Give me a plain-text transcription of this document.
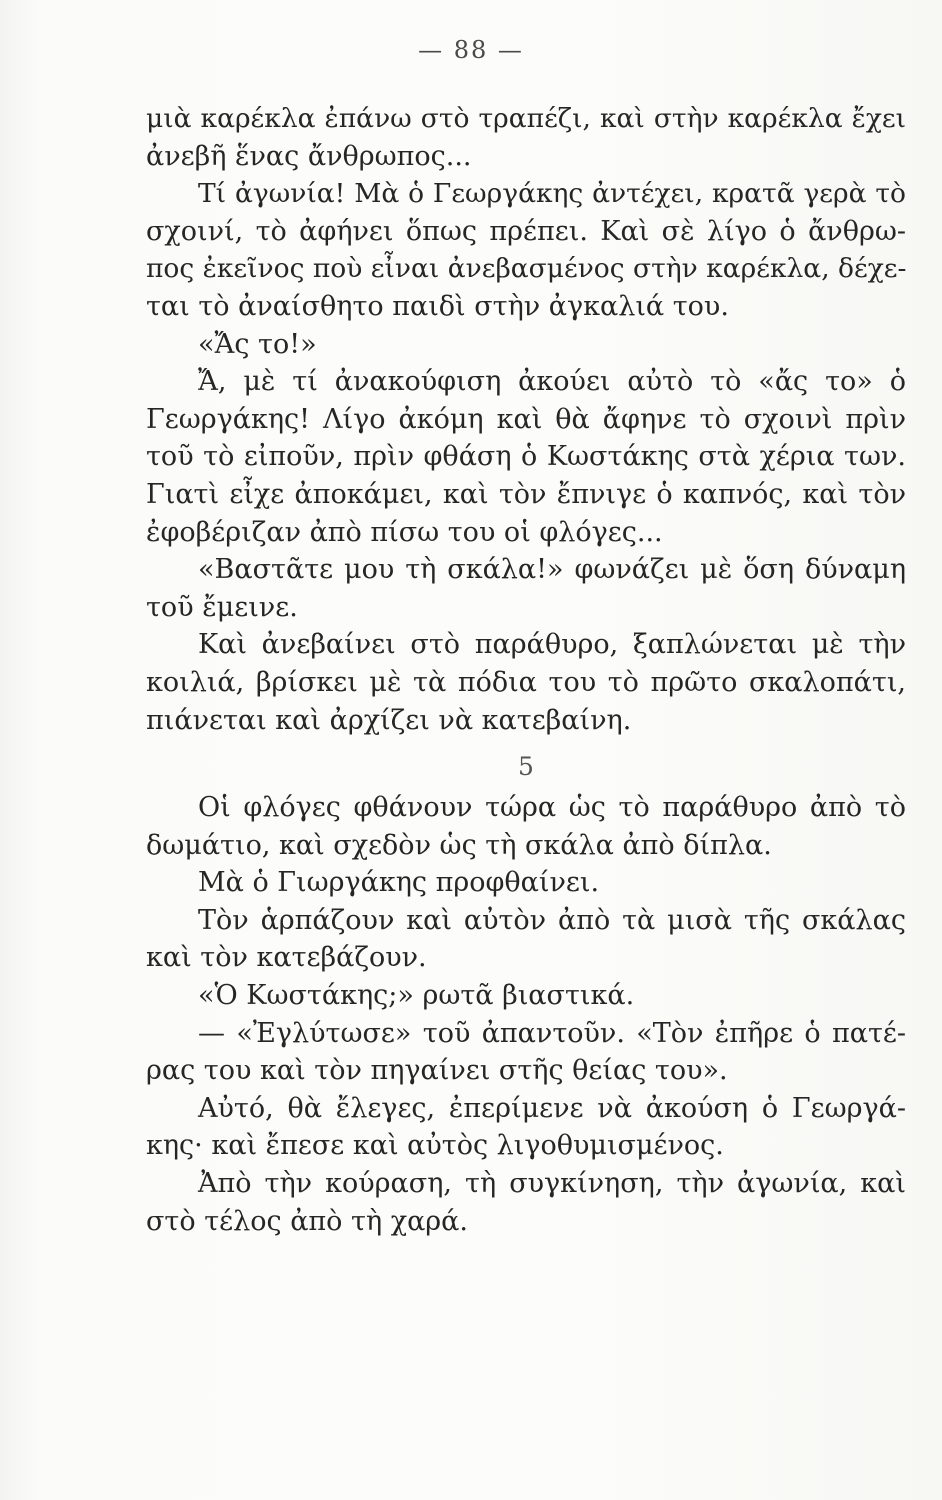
— 88 —
μιὰ καρέκλα ἐπάνω στὸ τραπέζι, καὶ στὴν καρέκλα ἔχει
ἀνεβῆ ἕνας ἄνθρωπος...
Τί ἀγωνία! Μὰ ὁ Γεωργάκης ἀντέχει, κρατᾶ γερὰ τὸ
σχοινί, τὸ ἀφήνει ὅπως πρέπει. Καὶ σὲ λίγο ὁ ἄνθρω-
πος ἐκεῖνος ποὺ εἶναι ἀνεβασμένος στὴν καρέκλα, δέχε-
ται τὸ ἀναίσθητο παιδὶ στὴν ἀγκαλιά του.
«Ἄς το!»
Ἄ, μὲ τί ἀνακούφιση ἀκούει αὐτὸ τὸ «ἄς το» ὁ
Γεωργάκης! Λίγο ἀκόμη καὶ θὰ ἄφηνε τὸ σχοινὶ πρὶν
τοῦ τὸ εἰποῦν, πρὶν φθάση ὁ Κωστάκης στὰ χέρια των.
Γιατὶ εἶχε ἀποκάμει, καὶ τὸν ἔπνιγε ὁ καπνός, καὶ τὸν
ἐφοβέριζαν ἀπὸ πίσω του οἱ φλόγες...
«Βαστᾶτε μου τὴ σκάλα!» φωνάζει μὲ ὅση δύναμη
τοῦ ἔμεινε.
Καὶ ἀνεβαίνει στὸ παράθυρο, ξαπλώνεται μὲ τὴν
κοιλιά, βρίσκει μὲ τὰ πόδια του τὸ πρῶτο σκαλοπάτι,
πιάνεται καὶ ἀρχίζει νὰ κατεβαίνη.
5
Οἱ φλόγες φθάνουν τώρα ὡς τὸ παράθυρο ἀπὸ τὸ
δωμάτιο, καὶ σχεδὸν ὡς τὴ σκάλα ἀπὸ δίπλα.
Μὰ ὁ Γιωργάκης προφθαίνει.
Τὸν ἁρπάζουν καὶ αὐτὸν ἀπὸ τὰ μισὰ τῆς σκάλας
καὶ τὸν κατεβάζουν.
«Ὁ Κωστάκης;» ρωτᾶ βιαστικά.
— «Ἐγλύτωσε» τοῦ ἀπαντοῦν. «Τὸν ἐπῆρε ὁ πατέ-
ρας του καὶ τὸν πηγαίνει στῆς θείας του».
Αὐτό, θὰ ἔλεγες, ἐπερίμενε νὰ ἀκούση ὁ Γεωργά-
κης· καὶ ἔπεσε καὶ αὐτὸς λιγοθυμισμένος.
Ἀπὸ τὴν κούραση, τὴ συγκίνηση, τὴν ἀγωνία, καὶ
στὸ τέλος ἀπὸ τὴ χαρά.
